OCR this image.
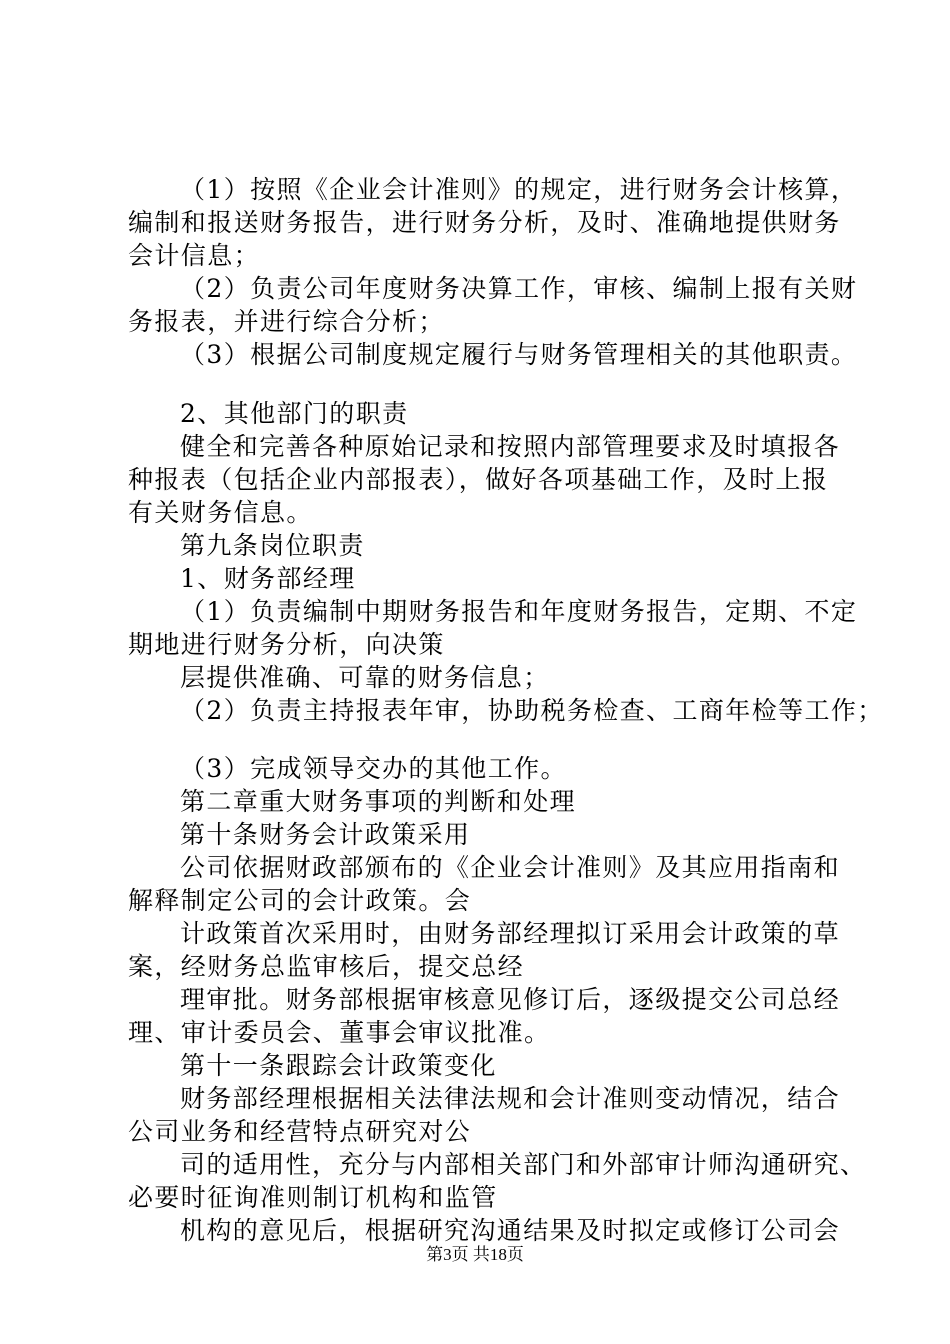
（1）按照《企业会计准则》的规定，进行财务会计核算，
编制和报送财务报告，进行财务分析，及时、准确地提供财务
会计信息；
（2）负责公司年度财务决算工作，审核、编制上报有关财
务报表，并进行综合分析；
（3）根据公司制度规定履行与财务管理相关的其他职责。
2、其他部门的职责
健全和完善各种原始记录和按照内部管理要求及时填报各
种报表（包括企业内部报表），做好各项基础工作，及时上报
有关财务信息。
第九条岗位职责
1、财务部经理
（1）负责编制中期财务报告和年度财务报告，定期、不定
期地进行财务分析，向决策
层提供准确、可靠的财务信息；
（2）负责主持报表年审，协助税务检查、工商年检等工作；
（3）完成领导交办的其他工作。
第二章重大财务事项的判断和处理
第十条财务会计政策采用
公司依据财政部颁布的《企业会计准则》及其应用指南和
解释制定公司的会计政策。会
计政策首次采用时，由财务部经理拟订采用会计政策的草
案，经财务总监审核后，提交总经
理审批。财务部根据审核意见修订后，逐级提交公司总经
理、审计委员会、董事会审议批准。
第十一条跟踪会计政策变化
财务部经理根据相关法律法规和会计准则变动情况，结合
公司业务和经营特点研究对公
司的适用性，充分与内部相关部门和外部审计师沟通研究、
必要时征询准则制订机构和监管
机构的意见后，根据研究沟通结果及时拟定或修订公司会
第3页 共18页
